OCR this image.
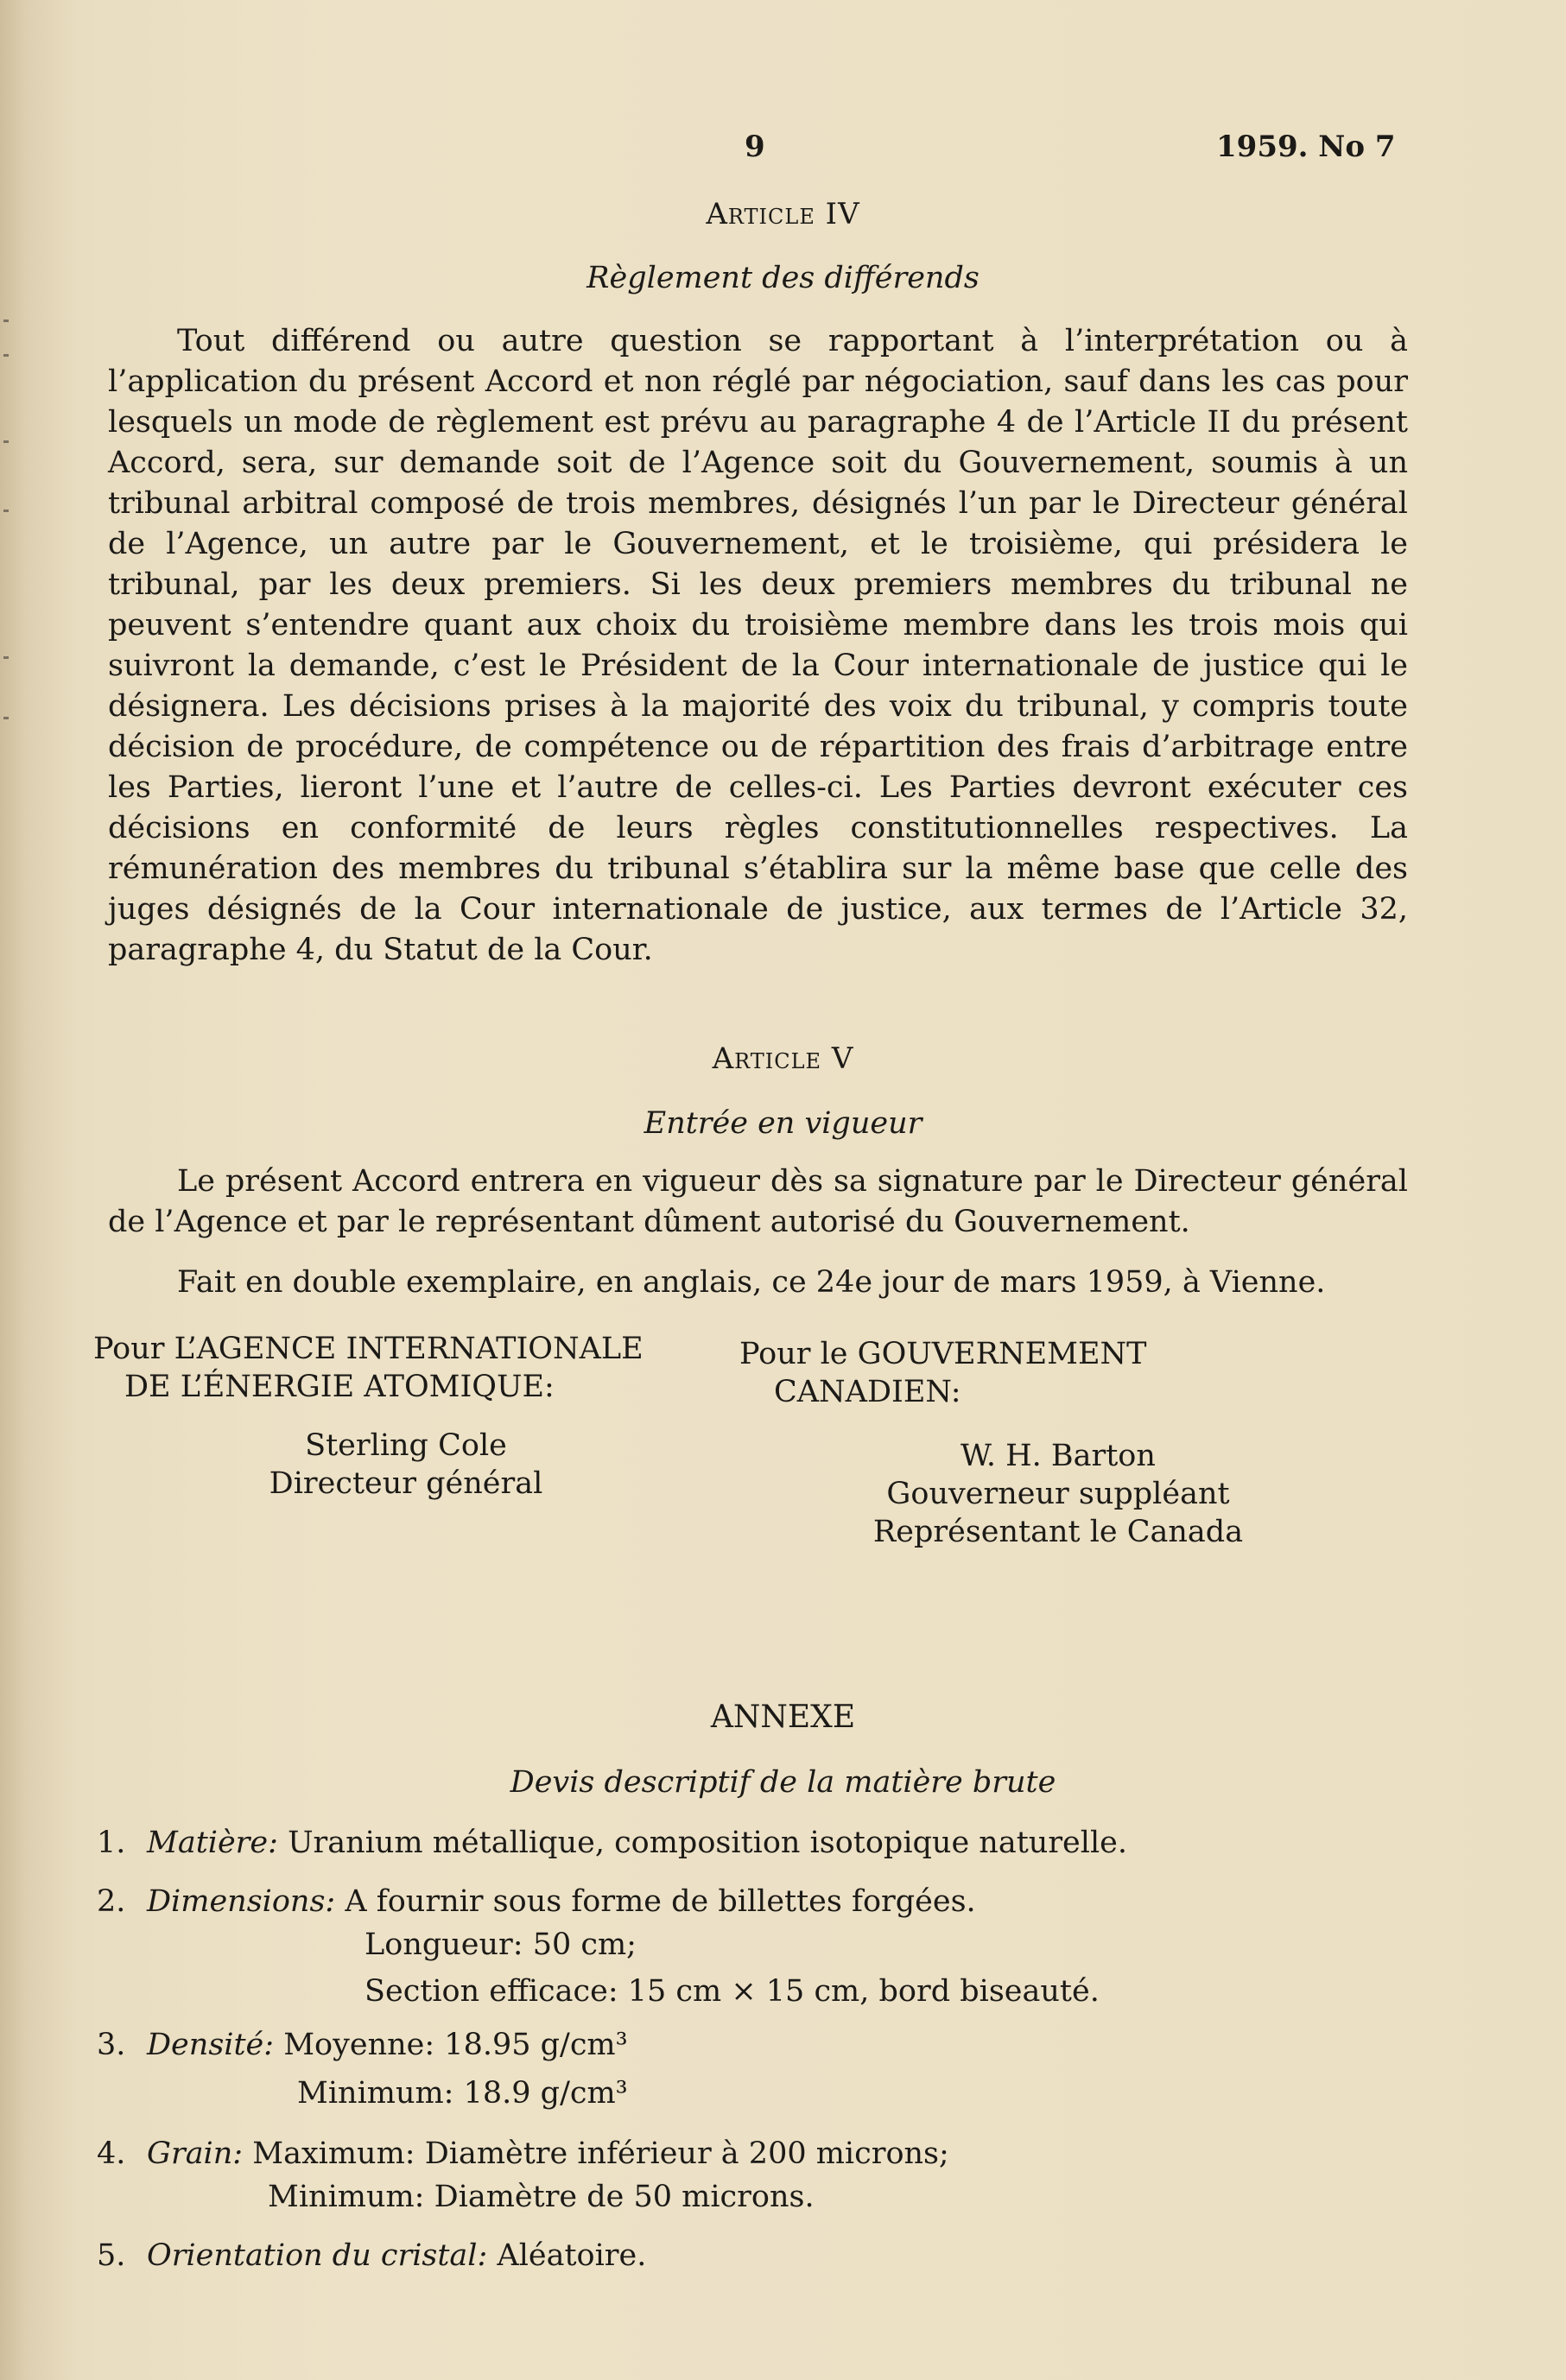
9	1959. No 7
Article IV
Règlement des différends

Tout différend ou autre question se rapportant à l’interprétation ou à l’application du présent Accord et non réglé par négociation, sauf dans les cas pour lesquels un mode de règlement est prévu au paragraphe 4 de l’Article II du présent Accord, sera, sur demande soit de l’Agence soit du Gouvernement, soumis à un tribunal arbitral composé de trois membres, désignés l’un par le Directeur général de l’Agence, un autre par le Gouvernement, et le troisième, qui présidera le tribunal, par les deux premiers. Si les deux premiers membres du tribunal ne peuvent s’entendre quant aux choix du troisième membre dans les trois mois qui suivront la demande, c’est le Président de la Cour internationale de justice qui le désignera. Les décisions prises à la majorité des voix du tribunal, y compris toute décision de procédure, de compétence ou de répartition des frais d’arbitrage entre les Parties, lieront l’une et l’autre de celles-ci. Les Parties devront exécuter ces décisions en conformité de leurs règles constitutionnelles respectives. La rémunération des membres du tribunal s’établira sur la même base que celle des juges désignés de la Cour internationale de justice, aux termes de l’Article 32, paragraphe 4, du Statut de la Cour.

Article V
Entrée en vigueur

Le présent Accord entrera en vigueur dès sa signature par le Directeur général de l’Agence et par le représentant dûment autorisé du Gouvernement.

Fait en double exemplaire, en anglais, ce 24e jour de mars 1959, à Vienne.

Pour L’AGENCE INTERNATIONALE
DE L’ÉNERGIE ATOMIQUE:
Sterling Cole
Directeur général
Pour le GOUVERNEMENT
CANADIEN:
W. H. Barton
Gouverneur suppléant
Représentant le Canada
ANNEXE
Devis descriptif de la matière brute
1. Matière: Uranium métallique, composition isotopique naturelle.
2. Dimensions: A fournir sous forme de billettes forgées.
Longueur: 50 cm;
Section efficace: 15 cm × 15 cm, bord biseauté.
3. Densité: Moyenne: 18.95 g/cm³
Minimum: 18.9 g/cm³
4. Grain: Maximum: Diamètre inférieur à 200 microns;
Minimum: Diamètre de 50 microns.
5. Orientation du cristal: Aléatoire.
